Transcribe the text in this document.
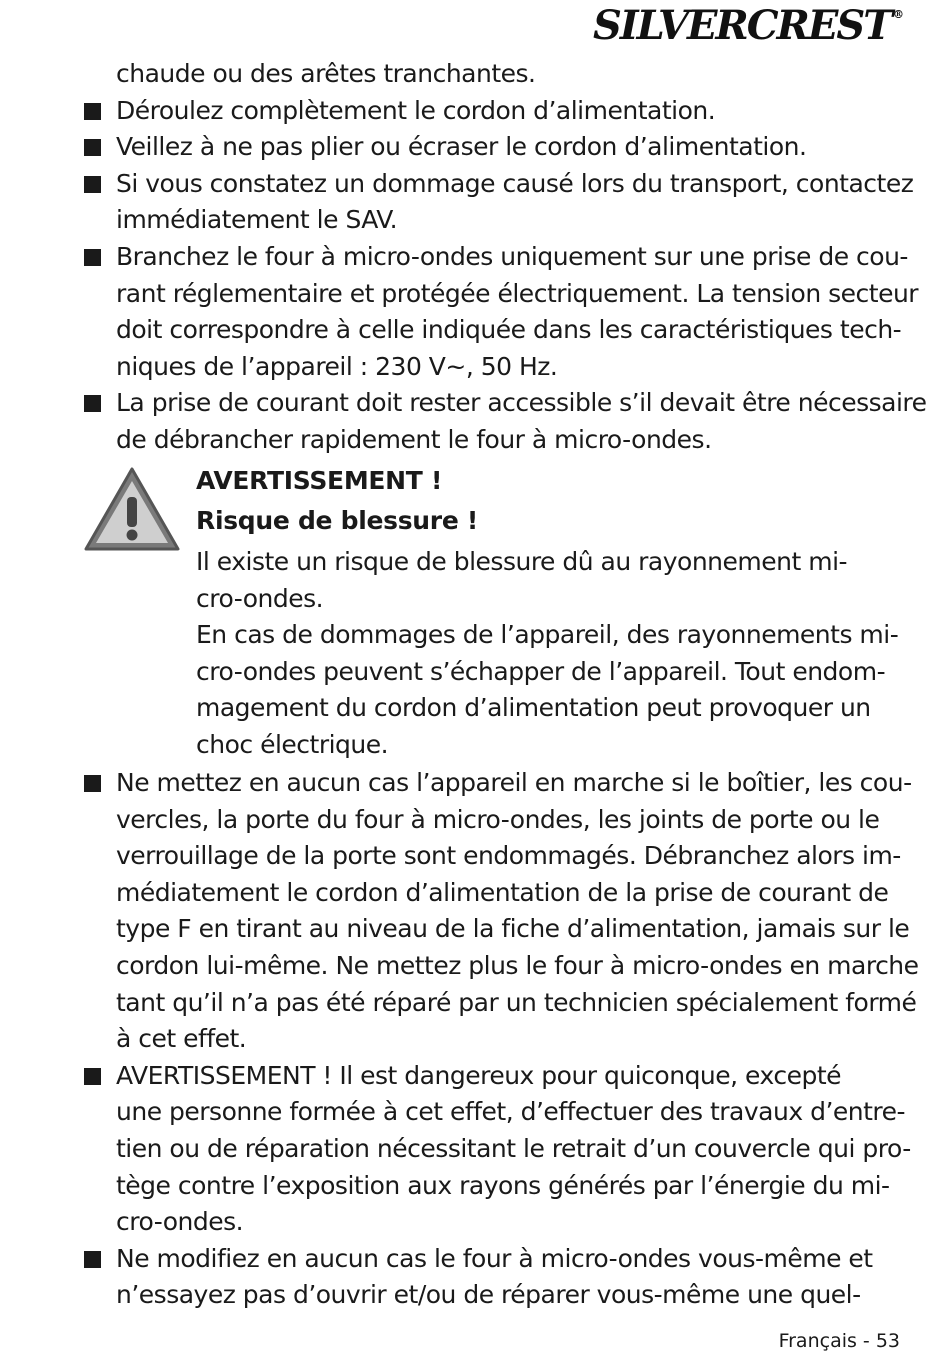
SILVERCREST ®
chaude ou des arêtes tranchantes.
Déroulez complètement le cordon d’alimentation.
Veillez à ne pas plier ou écraser le cordon d’alimentation.
Si vous constatez un dommage causé lors du transport, contactez
immédiatement le SAV.
Branchez le four à micro-ondes uniquement sur une prise de cou-
rant réglementaire et protégée électriquement. La tension secteur
doit correspondre à celle indiquée dans les caractéristiques tech-
niques de l’appareil : 230 V~, 50 Hz.
La prise de courant doit rester accessible s’il devait être nécessaire
de débrancher rapidement le four à micro-ondes.
Ne mettez en aucun cas l’appareil en marche si le boîtier, les cou-
vercles, la porte du four à micro-ondes, les joints de porte ou le
verrouillage de la porte sont endommagés. Débranchez alors im-
médiatement le cordon d’alimentation de la prise de courant de
type F en tirant au niveau de la fiche d’alimentation, jamais sur le
cordon lui-même. Ne mettez plus le four à micro-ondes en marche
tant qu’il n’a pas été réparé par un technicien spécialement formé
à cet effet.
AVERTISSEMENT ! Il est dangereux pour quiconque, excepté
une personne formée à cet effet, d’effectuer des travaux d’entre-
tien ou de réparation nécessitant le retrait d’un couvercle qui pro-
tège contre l’exposition aux rayons générés par l’énergie du mi-
cro-ondes.
Ne modifiez en aucun cas le four à micro-ondes vous-même et
n’essayez pas d’ouvrir et/ou de réparer vous-même une quel-
AVERTISSEMENT !
Risque de blessure !
Il existe un risque de blessure dû au rayonnement mi-
cro-ondes.
En cas de dommages de l’appareil, des rayonnements mi-
cro-ondes peuvent s’échapper de l’appareil. Tout endom-
magement du cordon d’alimentation peut provoquer un
choc électrique.
Français - 53
